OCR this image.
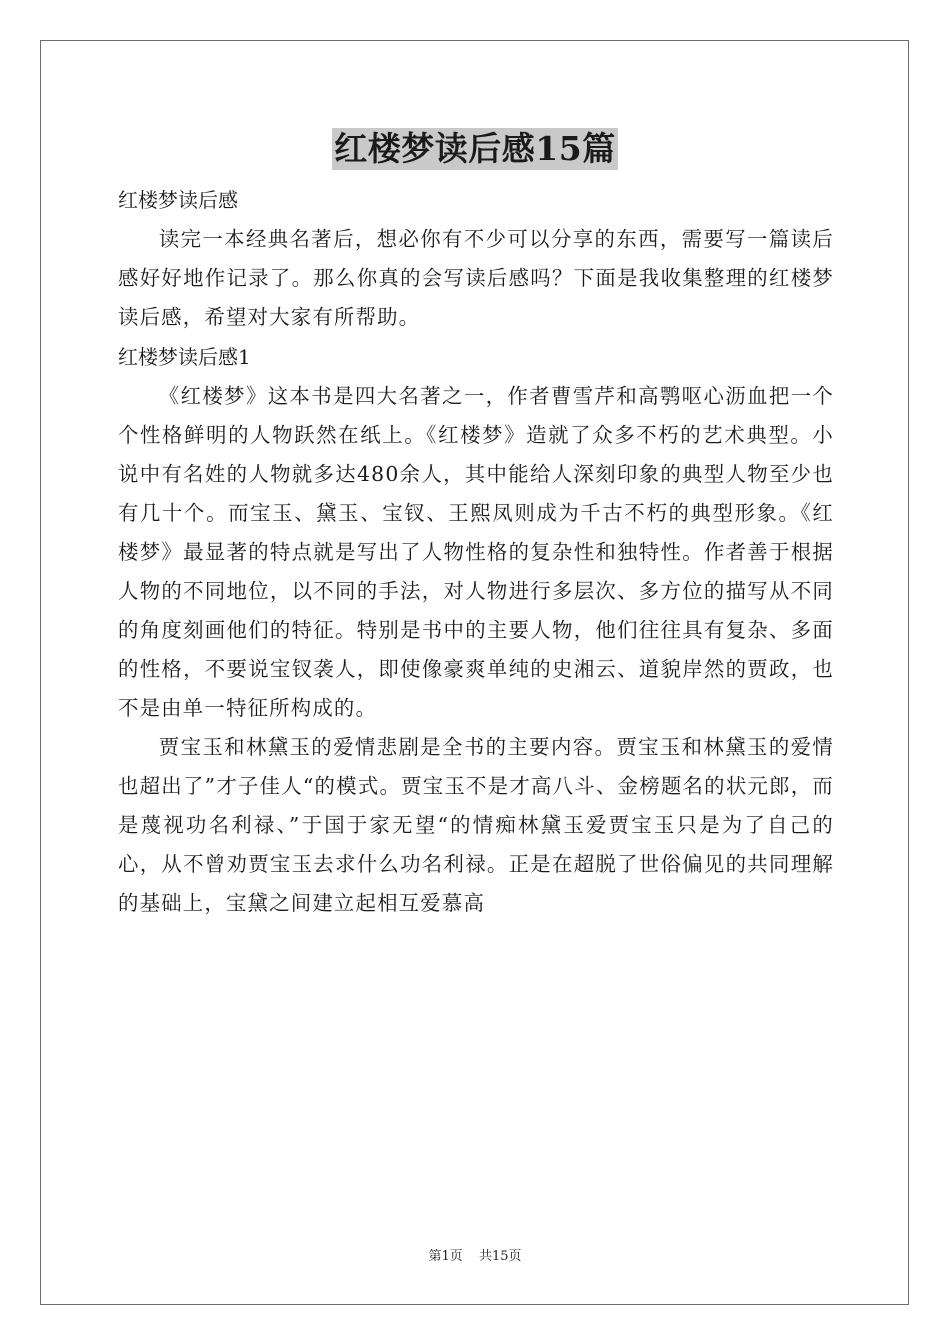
红楼梦读后感15篇

红楼梦读后感

读完一本经典名著后，想必你有不少可以分享的东西，需要写一篇读后感好好地作记录了。那么你真的会写读后感吗？下面是我收集整理的红楼梦读后感，希望对大家有所帮助。

红楼梦读后感1

《红楼梦》这本书是四大名著之一，作者曹雪芹和高鹗呕心沥血把一个个性格鲜明的人物跃然在纸上。《红楼梦》造就了众多不朽的艺术典型。小说中有名姓的人物就多达480余人，其中能给人深刻印象的典型人物至少也有几十个。而宝玉、黛玉、宝钗、王熙凤则成为千古不朽的典型形象。《红楼梦》最显著的特点就是写出了人物性格的复杂性和独特性。作者善于根据人物的不同地位，以不同的手法，对人物进行多层次、多方位的描写从不同的角度刻画他们的特征。特别是书中的主要人物，他们往往具有复杂、多面的性格，不要说宝钗袭人，即使像豪爽单纯的史湘云、道貌岸然的贾政，也不是由单一特征所构成的。

贾宝玉和林黛玉的爱情悲剧是全书的主要内容。贾宝玉和林黛玉的爱情也超出了”才子佳人“的模式。贾宝玉不是才高八斗、金榜题名的状元郎，而是蔑视功名利禄、”于国于家无望“的情痴林黛玉爱贾宝玉只是为了自己的心，从不曾劝贾宝玉去求什么功名利禄。正是在超脱了世俗偏见的共同理解的基础上，宝黛之间建立起相互爱慕高

第1页 共15页
